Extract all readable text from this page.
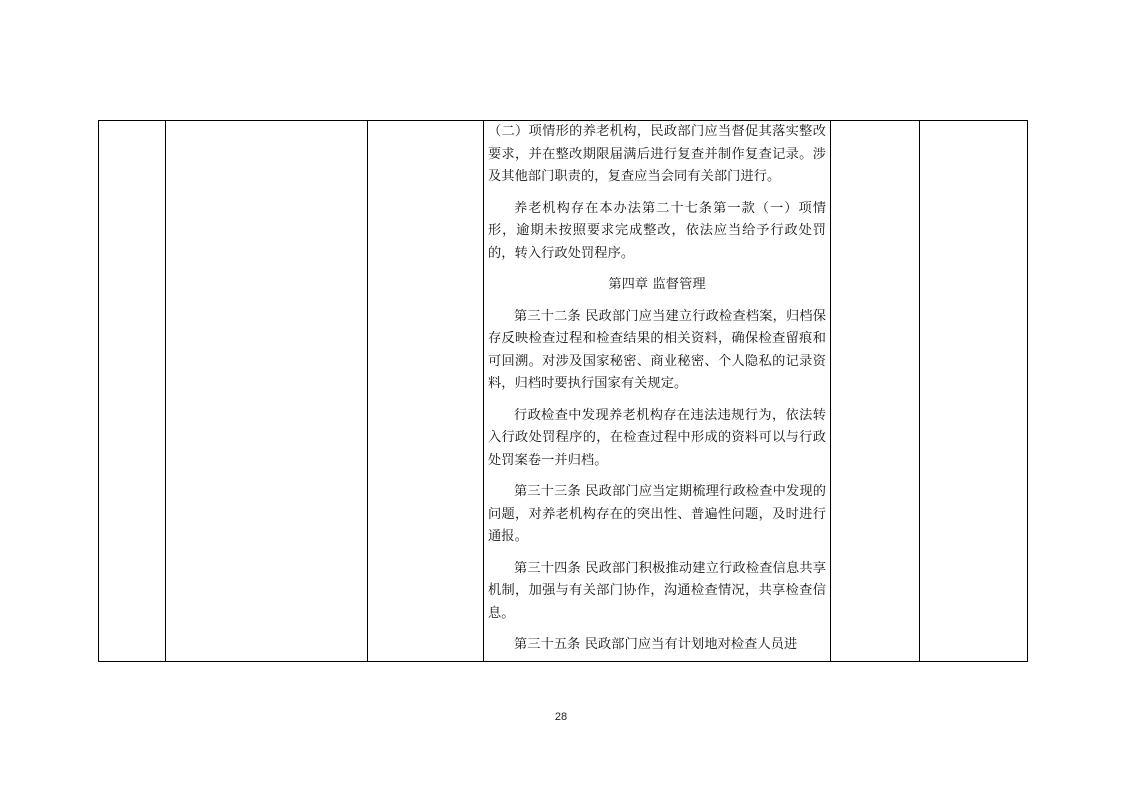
（二）项情形的养老机构，民政部门应当督促其落实整改要求，并在整改期限届满后进行复查并制作复查记录。涉及其他部门职责的，复查应当会同有关部门进行。

养老机构存在本办法第二十七条第一款（一）项情形，逾期未按照要求完成整改，依法应当给予行政处罚的，转入行政处罚程序。

第四章 监督管理

第三十二条 民政部门应当建立行政检查档案，归档保存反映检查过程和检查结果的相关资料，确保检查留痕和可回溯。对涉及国家秘密、商业秘密、个人隐私的记录资料，归档时要执行国家有关规定。

行政检查中发现养老机构存在违法违规行为，依法转入行政处罚程序的，在检查过程中形成的资料可以与行政处罚案卷一并归档。

第三十三条 民政部门应当定期梳理行政检查中发现的问题，对养老机构存在的突出性、普遍性问题，及时进行通报。

第三十四条 民政部门积极推动建立行政检查信息共享机制，加强与有关部门协作，沟通检查情况，共享检查信息。

第三十五条 民政部门应当有计划地对检查人员进

28
